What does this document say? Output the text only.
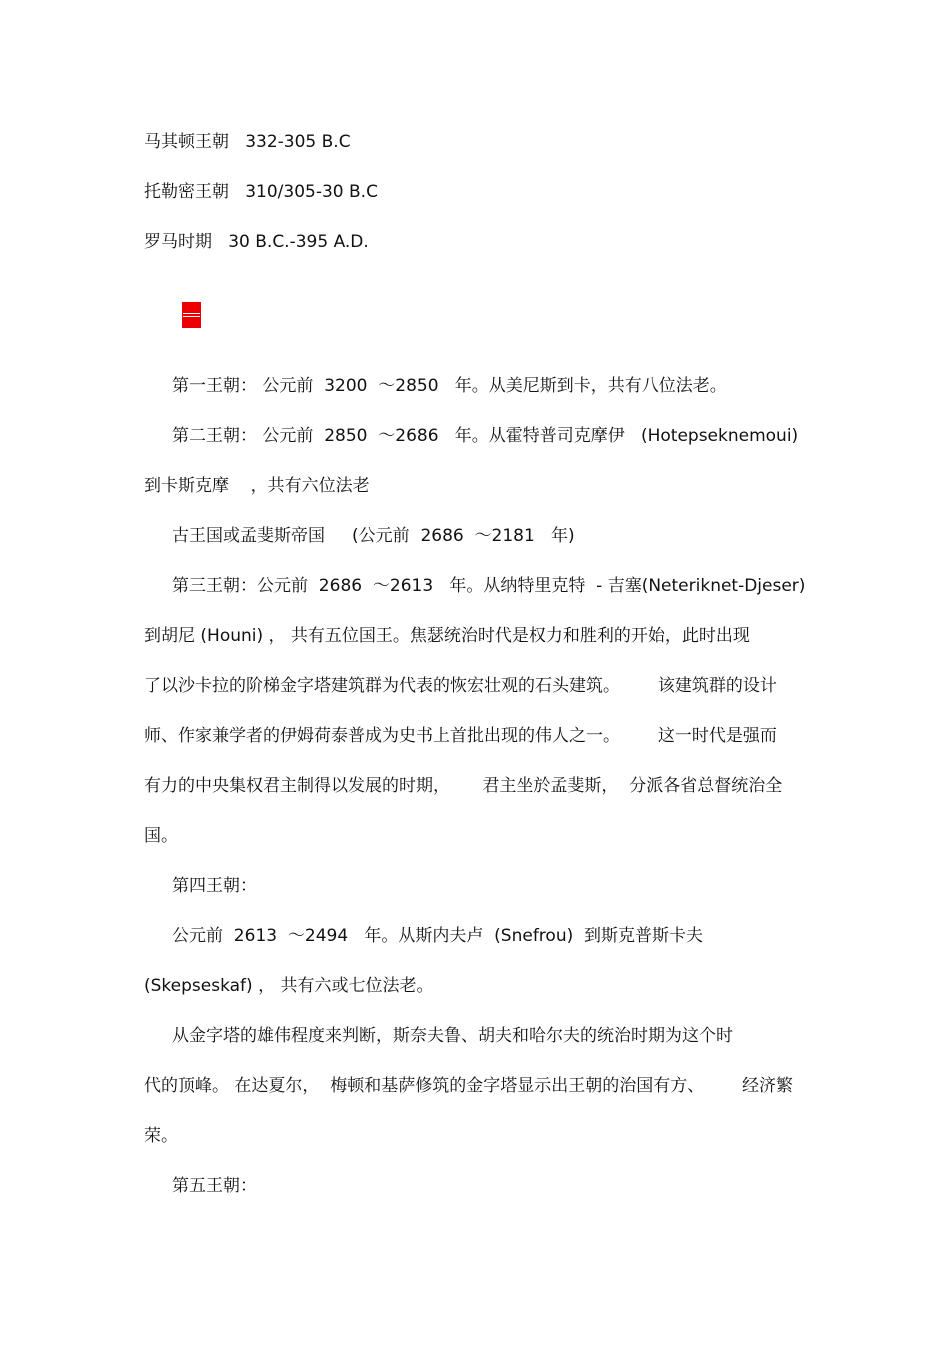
马其顿王朝   332-305 B.C

托勒密王朝   310/305-30 B.C

罗马时期   30 B.C.-395 A.D.

第一王朝： 公元前  3200  ～2850   年。从美尼斯到卡，共有八位法老。

第二王朝： 公元前  2850  ～2686   年。从霍特普司克摩伊   (Hotepseknemoui)

到卡斯克摩    ，共有六位法老

古王国或孟斐斯帝国     (公元前  2686  ～2181   年)

第三王朝：公元前  2686  ～2613   年。从纳特里克特  - 吉塞(Neteriknet-Djeser)

到胡尼 (Houni) ， 共有五位国王。焦瑟统治时代是权力和胜利的开始，此时出现

了以沙卡拉的阶梯金字塔建筑群为代表的恢宏壮观的石头建筑。       该建筑群的设计

师、作家兼学者的伊姆荷泰普成为史书上首批出现的伟人之一。       这一时代是强而

有力的中央集权君主制得以发展的时期，      君主坐於孟斐斯，  分派各省总督统治全

国。

第四王朝：

公元前  2613  ～2494   年。从斯内夫卢  (Snefrou)  到斯克普斯卡夫

(Skepseskaf) ， 共有六或七位法老。

从金字塔的雄伟程度来判断，斯奈夫鲁、胡夫和哈尔夫的统治时期为这个时

代的顶峰。 在达夏尔，  梅顿和基萨修筑的金字塔显示出王朝的治国有方、       经济繁

荣。

第五王朝：
